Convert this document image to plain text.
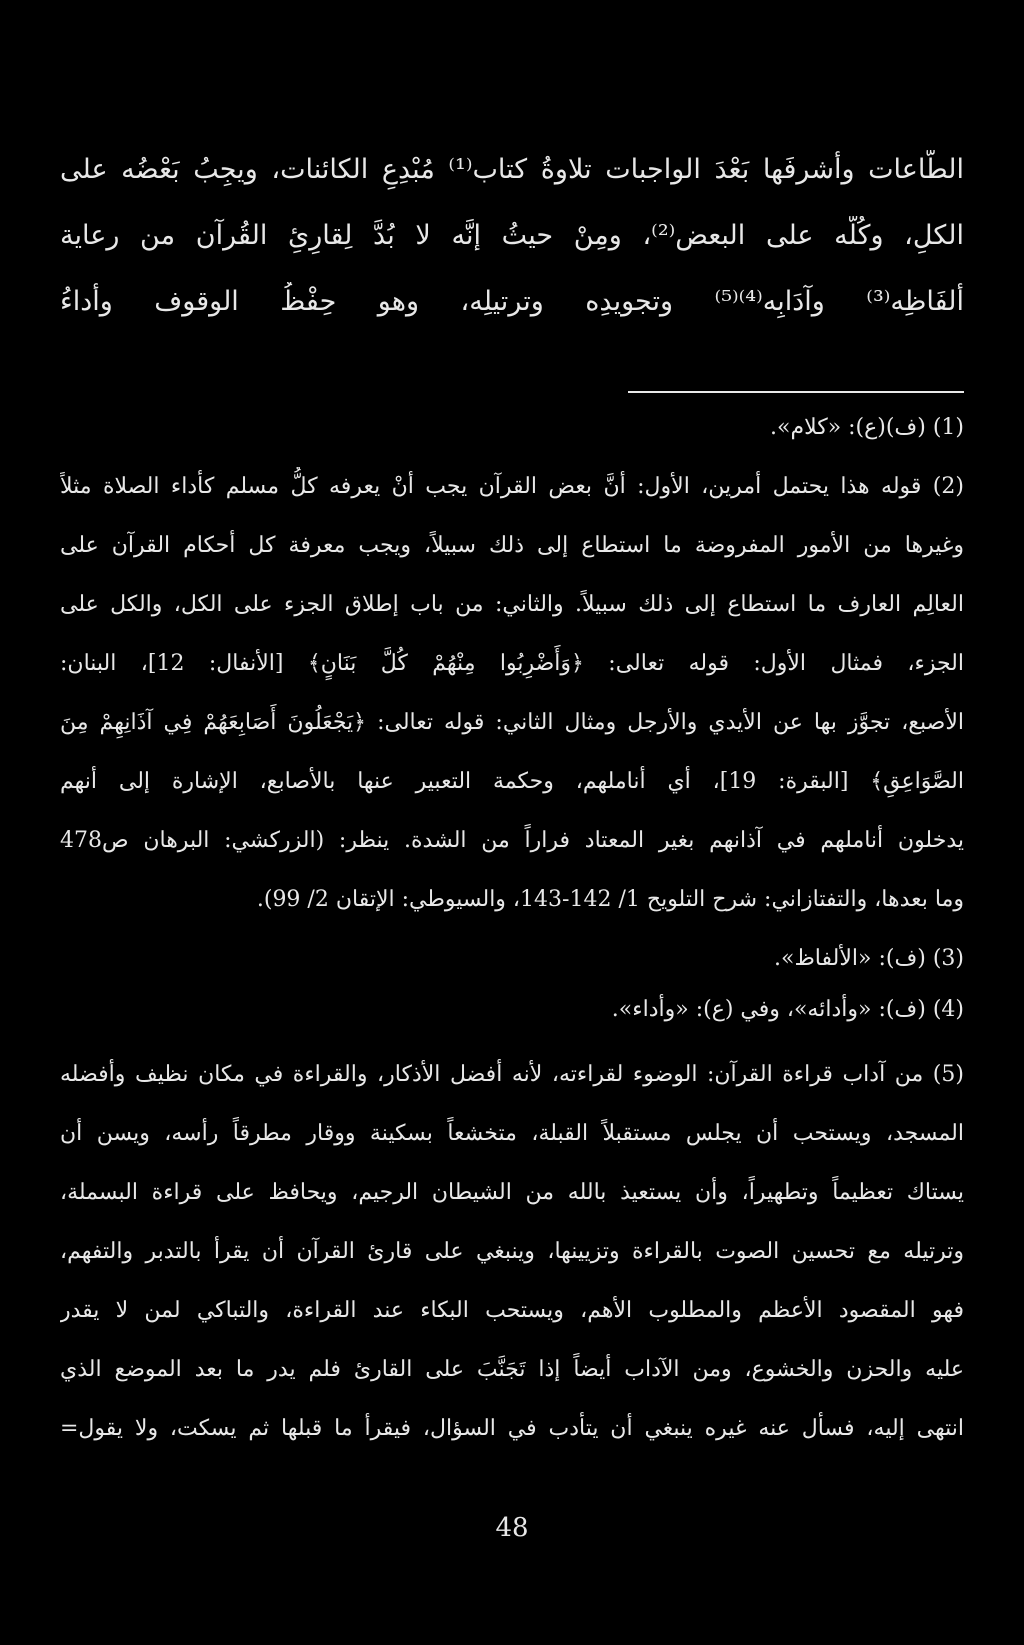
الطَّاعات وأَشرفَها بَعْدَ الواجبات تلاوةُ كتاب⁽¹⁾ مُبْدِعِ الكائنات، ويجِبُ بَعْضُه على
الكلِ، وكُلُّه على البعض⁽²⁾، ومِنْ حيثُ إنَّه لا بُدَّ لِقارِئِ القُرآن من رعاية
أَلفَاظِه⁽³⁾ وآدَابِه⁽⁴⁾⁽⁵⁾ وتجويدِه وترتيلِه، وهو حِفْظُ الوقوف وأداءُ
(1) (ف)(ع): «كلام».
(2) قوله هذا يحتمل أمرين، الأول: أنَّ بعض القرآن يجب أنْ يعرفه كلُّ مسلم كأداء الصلاة مثلاً
وغيرها من الأمور المفروضة ما استطاع إلى ذلك سبيلاً، ويجب معرفة كل أحكام القرآن على
العالِم العارف ما استطاع إلى ذلك سبيلاً. والثاني: من باب إطلاق الجزء على الكل، والكل على
الجزء، فمثال الأول: قوله تعالى: ﴿وَأَضْرِبُوا مِنْهُمْ كُلَّ بَنَانٍ﴾ [الأنفال: 12]، البنان:
الأصبع، تجوَّز بها عن الأيدي والأرجل ومثال الثاني: قوله تعالى: ﴿يَجْعَلُونَ أَصَابِعَهُمْ فِي آذَانِهِمْ مِنَ
الصَّوَاعِقِ﴾ [البقرة: 19]، أي أناملهم، وحكمة التعبير عنها بالأصابع، الإشارة إلى أنهم
يدخلون أناملهم في آذانهم بغير المعتاد فراراً من الشدة. ينظر: (الزركشي: البرهان ص478
وما بعدها، والتفتازاني: شرح التلويح 1/ 142-143، والسيوطي: الإتقان 2/ 99).
(3) (ف): «الألفاظ».
(4) (ف): «وأدائه»، وفي (ع): «وأداء».
(5) من آداب قراءة القرآن: الوضوء لقراءته، لأنه أفضل الأذكار، والقراءة في مكان نظيف وأفضله
المسجد، ويستحب أن يجلس مستقبلاً القبلة، متخشعاً بسكينة ووقار مطرقاً رأسه، ويسن أن
يستاك تعظيماً وتطهيراً، وأن يستعيذ بالله من الشيطان الرجيم، ويحافظ على قراءة البسملة،
وترتيله مع تحسين الصوت بالقراءة وتزيينها، وينبغي على قارئ القرآن أن يقرأ بالتدبر والتفهم،
فهو المقصود الأعظم والمطلوب الأهم، ويستحب البكاء عند القراءة، والتباكي لمن لا يقدر
عليه والحزن والخشوع، ومن الآداب أيضاً إذا تَجَنَّبَ على القارئ فلم يدر ما بعد الموضع الذي
انتهى إليه، فسأل عنه غيره ينبغي أن يتأدب في السؤال، فيقرأ ما قبلها ثم يسكت، ولا يقول=
48
